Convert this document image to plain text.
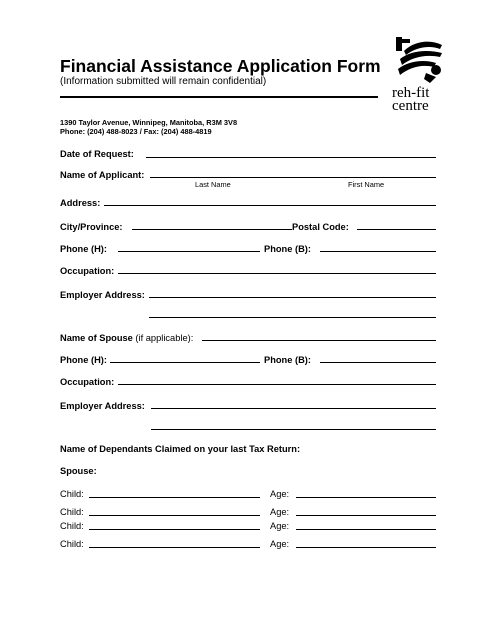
Financial Assistance Application Form
(Information submitted will remain confidential)
1390 Taylor Avenue, Winnipeg, Manitoba, R3M 3V8
Phone: (204) 488-8023 / Fax: (204) 488-4819
reh-fit
centre
Date of Request:
Name of Applicant:
Last Name	First Name
Address:
City/Province:	Postal Code:
Phone (H):	Phone (B):
Occupation:
Employer Address:
Name of Spouse (if applicable):
Phone (H):	Phone (B):
Occupation:
Employer Address:
Name of Dependants Claimed on your last Tax Return:
Spouse:
Child:	Age:
Child:	Age:
Child:	Age:
Child:	Age:
